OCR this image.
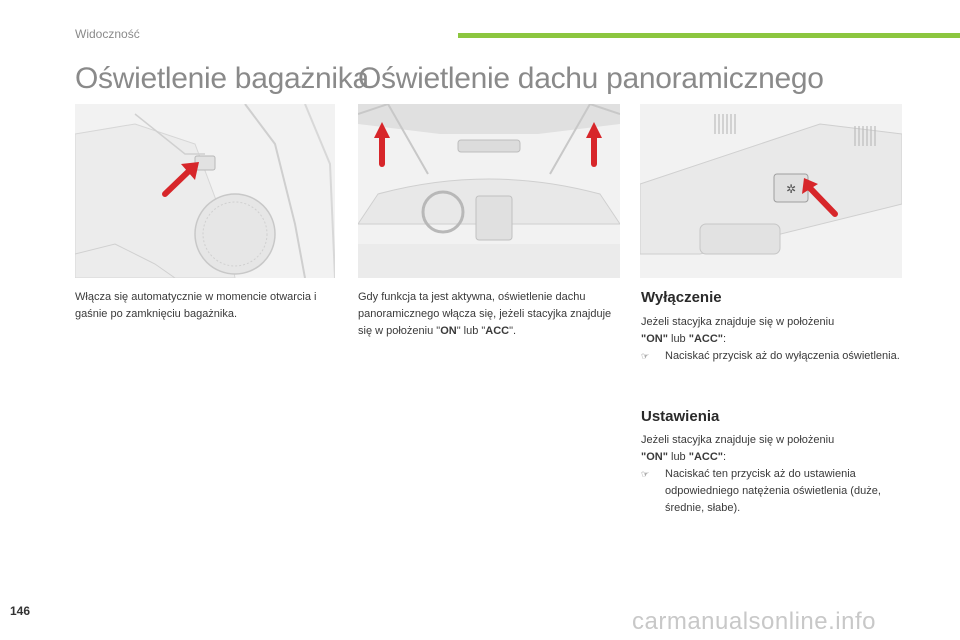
Widoczność
Oświetlenie bagażnika
Oświetlenie dachu panoramicznego
✲

Włącza się automatycznie w momencie otwarcia i gaśnie po zamknięciu bagażnika.

Gdy funkcja ta jest aktywna, oświetlenie dachu panoramicznego włącza się, jeżeli stacyjka znajduje się w położeniu "ON" lub "ACC".

Wyłączenie
Jeżeli stacyjka znajduje się w położeniu
"ON" lub "ACC":
☞	Naciskać przycisk aż do wyłączenia oświetlenia.
Ustawienia
Jeżeli stacyjka znajduje się w położeniu
"ON" lub "ACC":
☞	Naciskać ten przycisk aż do ustawienia odpowiedniego natężenia oświetlenia (duże, średnie, słabe).
146	carmanualsonline.info
